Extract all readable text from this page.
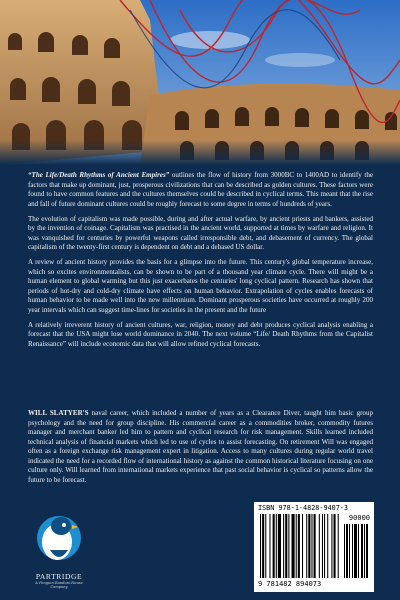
“The Life/Death Rhythms of Ancient Empires” outlines the flow of history from 3000BC to 1400AD to identify the factors that make up dominant, just, prosperous civilizations that can be described as golden cultures. These factors were found to have common features and the cultures themselves could be described in cyclical terms. This meant that the rise and fall of future dominant cultures could be roughly forecast to some degree in terms of hundreds of years.

The evolution of capitalism was made possible, during and after actual warfare, by ancient priests and bankers, assisted by the invention of coinage. Capitalism was practised in the ancient world, supported at times by warfare and religion. It was vanquished for centuries by powerful weapons called irresponsible debt, and debasement of currency. The global capitalism of the twenty-first century is dependent on debt and a debased US dollar.

A review of ancient history provides the basis for a glimpse into the future. This century's global temperature increase, which so excites environmentalists, can be shown to be part of a thousand year climate cycle. There will might be a human element to global warming but this just exacerbates the centuries' long cyclical pattern. Research has shown that periods of hot-dry and cold-dry climate have effects on human behavior. Extrapolation of cycles enables forecasts of human behavior to be made well into the new millennium. Dominant prosperous societies have occurred at roughly 200 year intervals which can suggest time-lines for societies in the present and the future

A relatively irreverent history of ancient cultures, war, religion, money and debt produces cyclical analysis enabling a forecast that the USA might lose world dominance in 2040. The next volume “Life/ Death Rhythms from the Capitalist Renaissance” will include economic data that will allow refined cyclical forecasts.

WILL SLATYER'S naval career, which included a number of years as a Clearance Diver, taught him basic group psychology and the need for group discipline. His commercial career as a commodities broker, commodity futures manager and merchant banker led him to pattern and cyclical research for risk management. Skills learned included technical analysis of financial markets which led to use of cycles to assist forecasting. On retirement Will was engaged often as a foreign exchange risk management expert in litigation. Access to many cultures during regular world travel indicated the need for a recorded flow of international history as against the common historical literature focusing on one culture only. Will learned from international markets experience that past social behavior is cyclical so patterns allow the future to be forecast.

PARTRIDGE
A Penguin Random House Company
ISBN 978-1-4828-9407-3
90000
9 781482 894073
